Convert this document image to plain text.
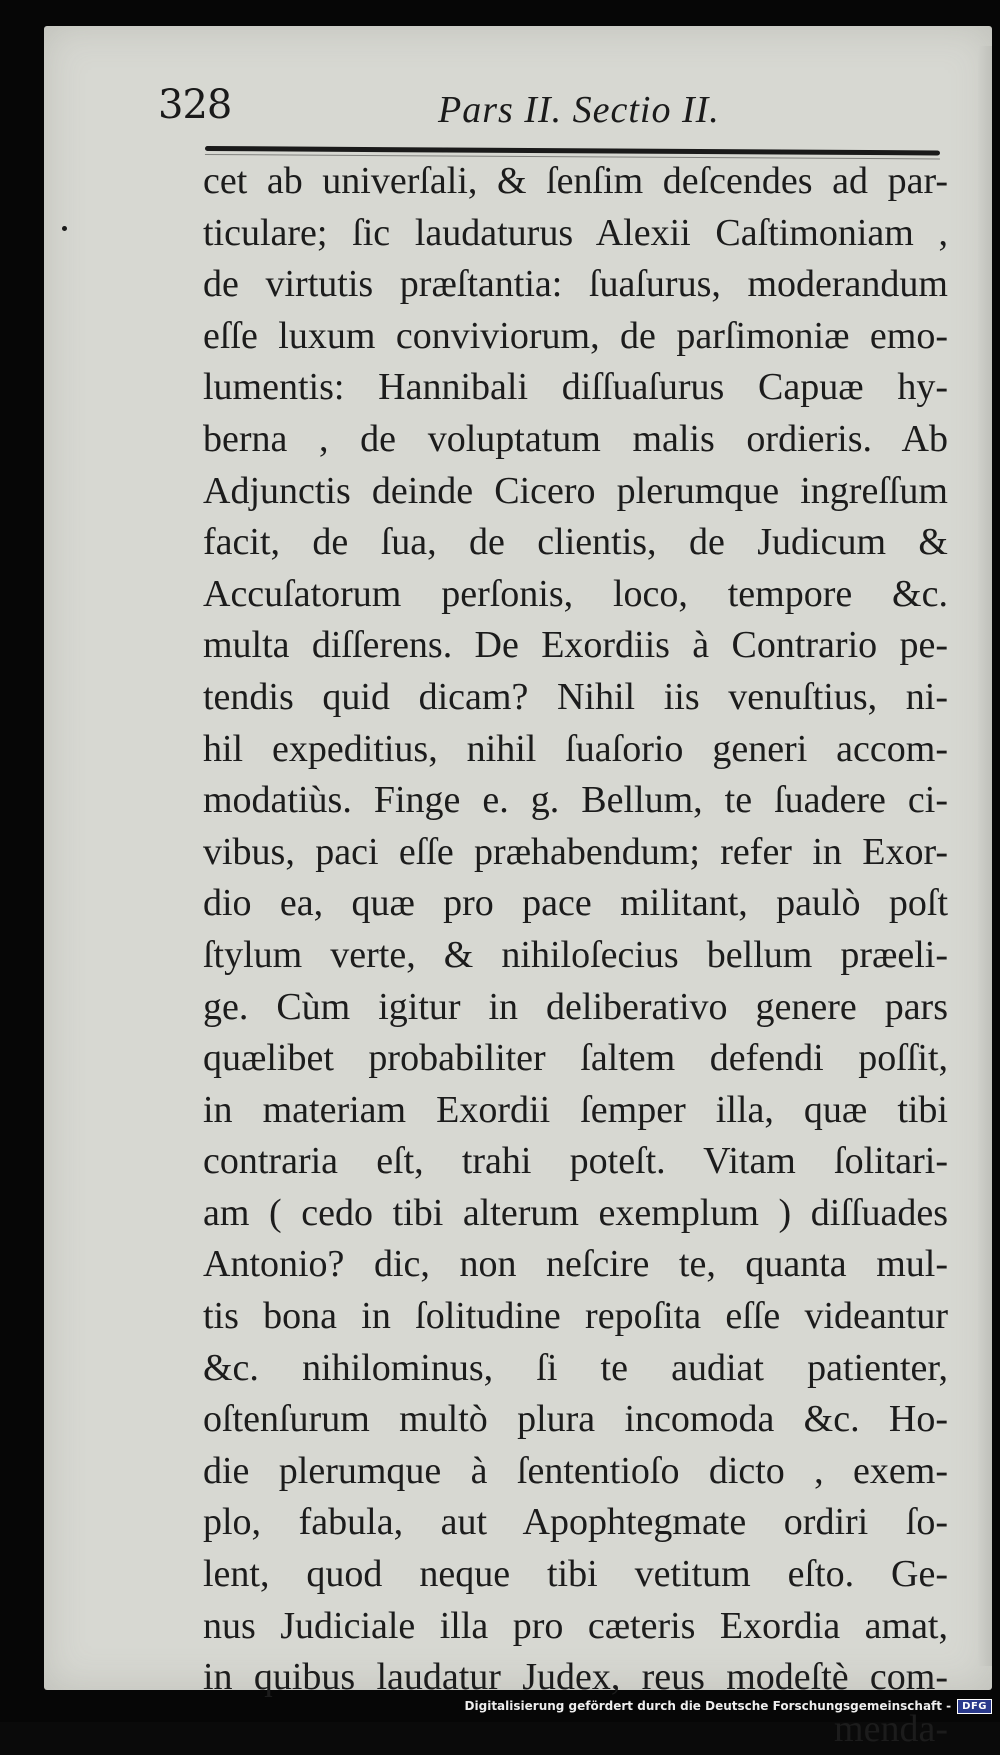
328	Pars II. Sectio II.
cet ab univerſali, & ſenſim deſcendes ad par-
ticulare; ſic laudaturus Alexii Caſtimoniam ,
de virtutis præſtantia: ſuaſurus, moderandum
eſſe luxum conviviorum, de parſimoniæ emo-
lumentis: Hannibali diſſuaſurus Capuæ hy-
berna , de voluptatum malis ordieris. Ab
Adjunctis deinde Cicero plerumque ingreſſum
facit, de ſua, de clientis, de Judicum &
Accuſatorum perſonis, loco, tempore &c.
multa diſſerens. De Exordiis à Contrario pe-
tendis quid dicam? Nihil iis venuſtius, ni-
hil expeditius, nihil ſuaſorio generi accom-
modatiùs. Finge e. g. Bellum, te ſuadere ci-
vibus, paci eſſe præhabendum; refer in Exor-
dio ea, quæ pro pace militant, paulò poſt
ſtylum verte, & nihiloſecius bellum præeli-
ge. Cùm igitur in deliberativo genere pars
quælibet probabiliter ſaltem defendi poſſit,
in materiam Exordii ſemper illa, quæ tibi
contraria eſt, trahi poteſt. Vitam ſolitari-
am ( cedo tibi alterum exemplum ) diſſuades
Antonio? dic, non neſcire te, quanta mul-
tis bona in ſolitudine repoſita eſſe videantur
&c. nihilominus, ſi te audiat patienter,
oſtenſurum multò plura incomoda &c. Ho-
die plerumque à ſententioſo dicto , exem-
plo, fabula, aut Apophtegmate ordiri ſo-
lent, quod neque tibi vetitum eſto. Ge-
nus Judiciale illa pro cæteris Exordia amat,
in quibus laudatur Judex, reus modeſtè com-
menda-
Digitalisierung gefördert durch die Deutsche Forschungsgemeinschaft -	DFG
